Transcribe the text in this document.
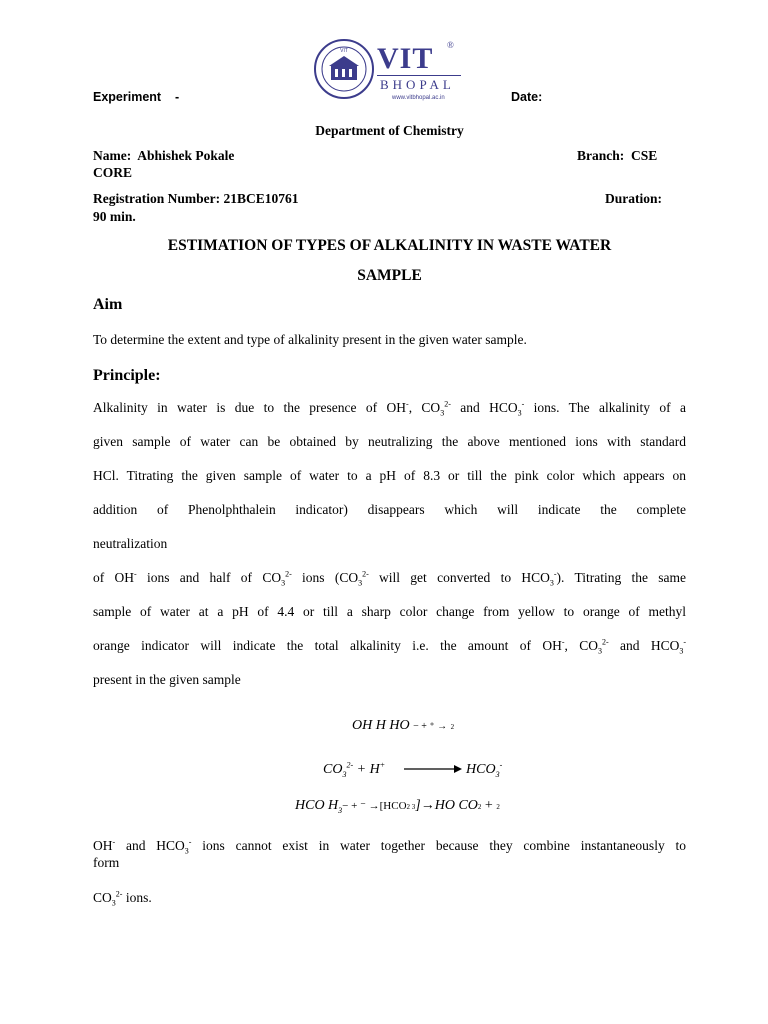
VIT VIT ®
BHOPAL
www.vitbhopal.ac.in
Experiment -	Date:
Department of Chemistry
Name: Abhishek Pokale	Branch: CSE
CORE
Registration Number: 21BCE10761	Duration:
90 min.
ESTIMATION OF TYPES OF ALKALINITY IN WASTE WATER
SAMPLE
Aim
To determine the extent and type of alkalinity present in the given water sample.
Principle:
Alkalinity in water is due to the presence of OH-, $CO_3^{2-}$ and $HCO_3^-$ ions. The alkalinity of a
given sample of water can be obtained by neutralizing the above mentioned ions with standard
HCl. Titrating the given sample of water to a pH of 8.3 or till the pink color which appears on
addition of Phenolphthalein indicator) disappears which will indicate the complete
neutralization
of OH- ions and half of $CO_3^{2-}$ ions ($CO_3^{2-}$ will get converted to $HCO_3^-$). Titrating the same
sample of water at a pH of 4.4 or till a sharp color change from yellow to orange of methyl
orange indicator will indicate the total alkalinity i.e. the amount of OH-, $CO_3^{2-}$ and $HCO_3^-$
present in the given sample
OH H HO − + ⁺ → 2
$CO_3^{2-} + H^+ \to HCO_3^-$
HCO $H_3-$ + ⁻ →[HCO2 3]→HO CO2 + 2
OH- and $HCO_3^-$ ions cannot exist in water together because they combine instantaneously to
form
$CO_3^{2-}$ ions.
